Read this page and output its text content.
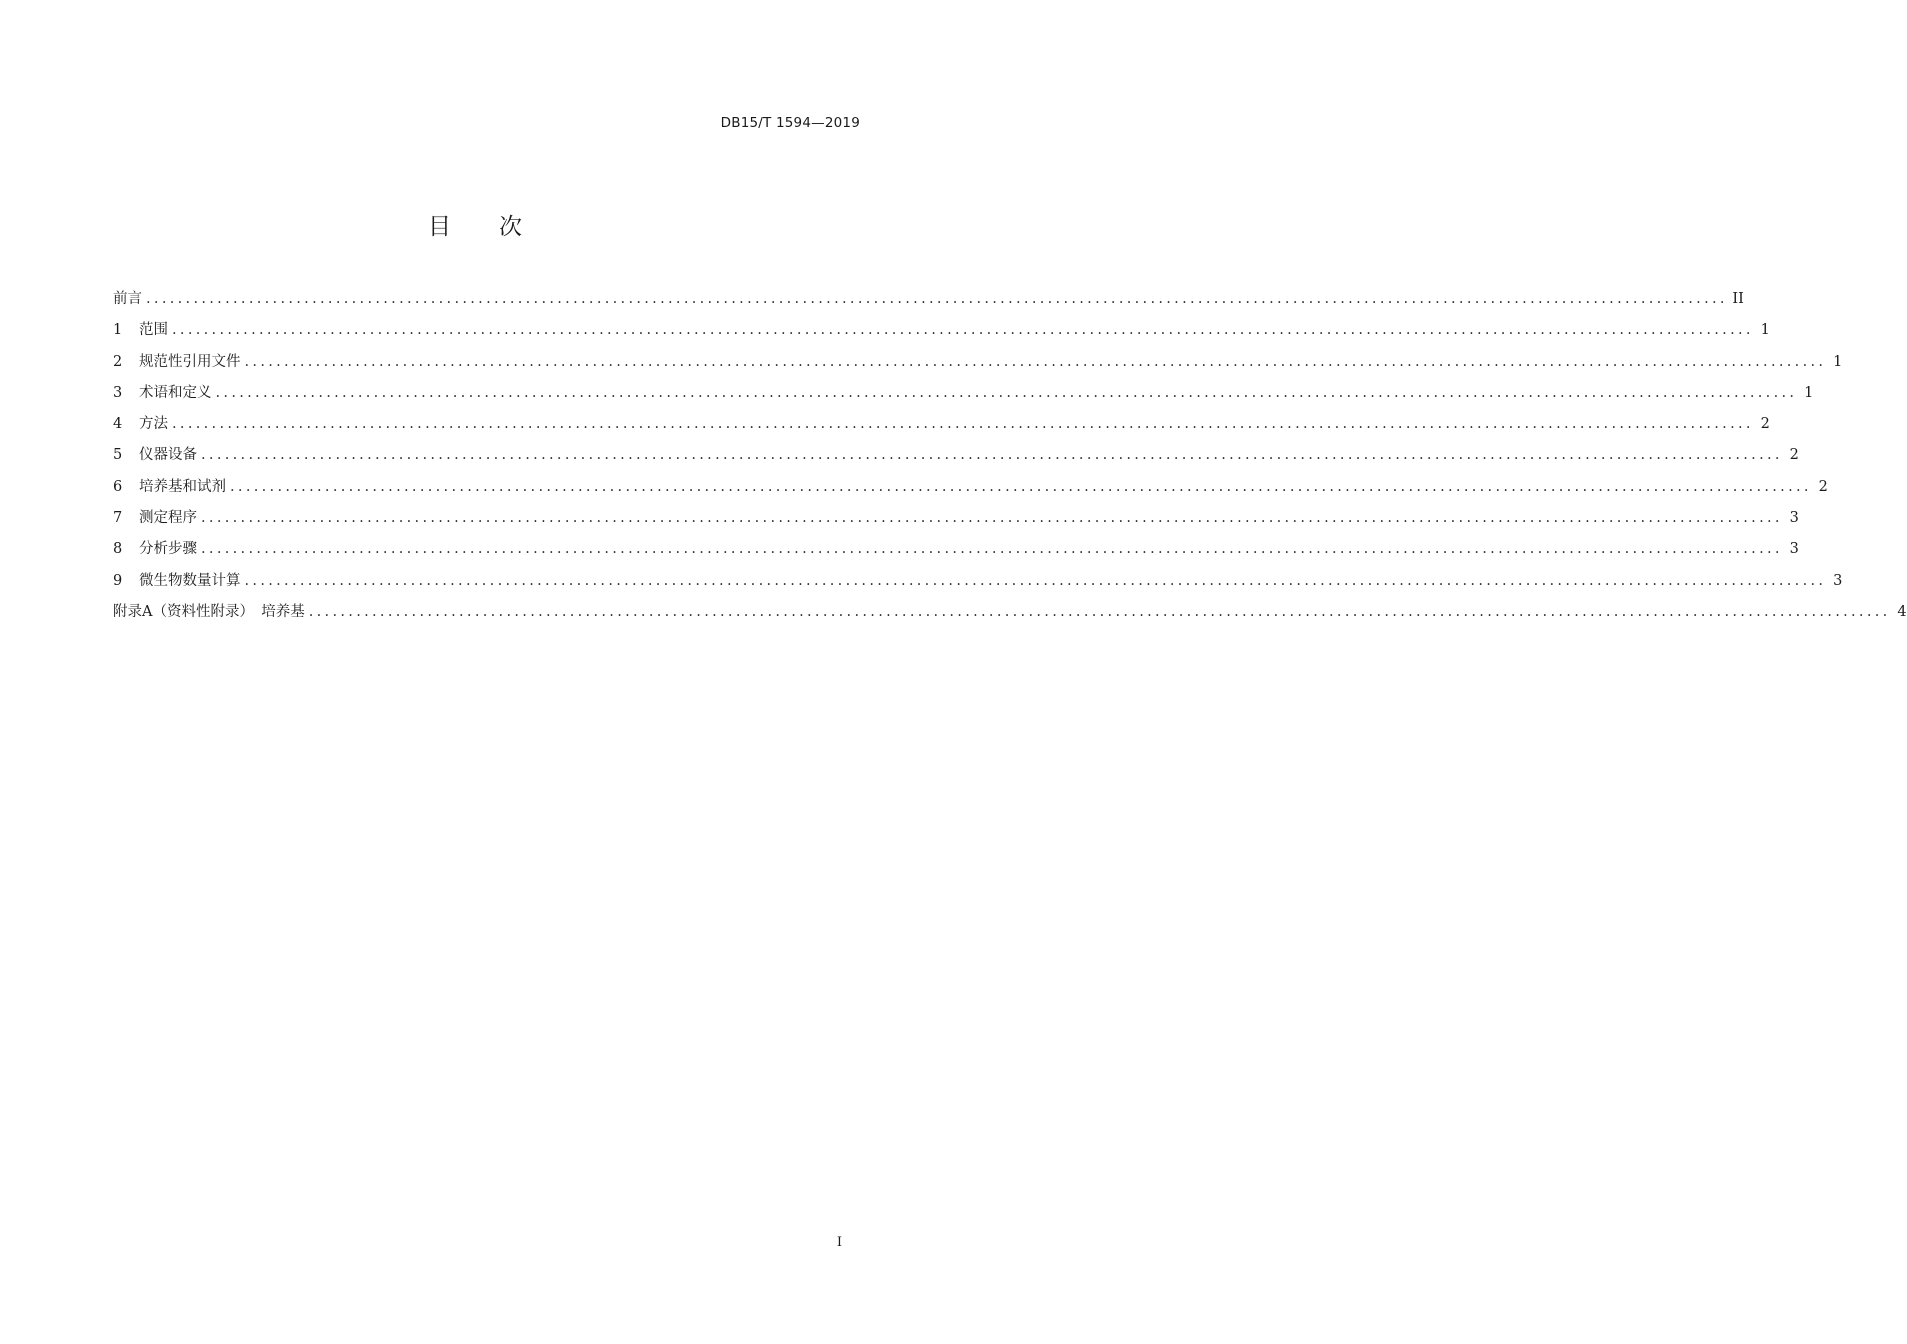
DB15/T 1594—2019
目次
前言 ........................................................................................................................................................................................................ II
1	范围 ........................................................................................................................................................................................................ 1
2	规范性引用文件 ........................................................................................................................................................................................................ 1
3	术语和定义 ........................................................................................................................................................................................................ 1
4	方法 ........................................................................................................................................................................................................ 2
5	仪器设备 ........................................................................................................................................................................................................ 2
6	培养基和试剂 ........................................................................................................................................................................................................ 2
7	测定程序 ........................................................................................................................................................................................................ 3
8	分析步骤 ........................................................................................................................................................................................................ 3
9	微生物数量计算 ........................................................................................................................................................................................................ 3
附录A（资料性附录）　培养基 ........................................................................................................................................................................................................ 4
I
